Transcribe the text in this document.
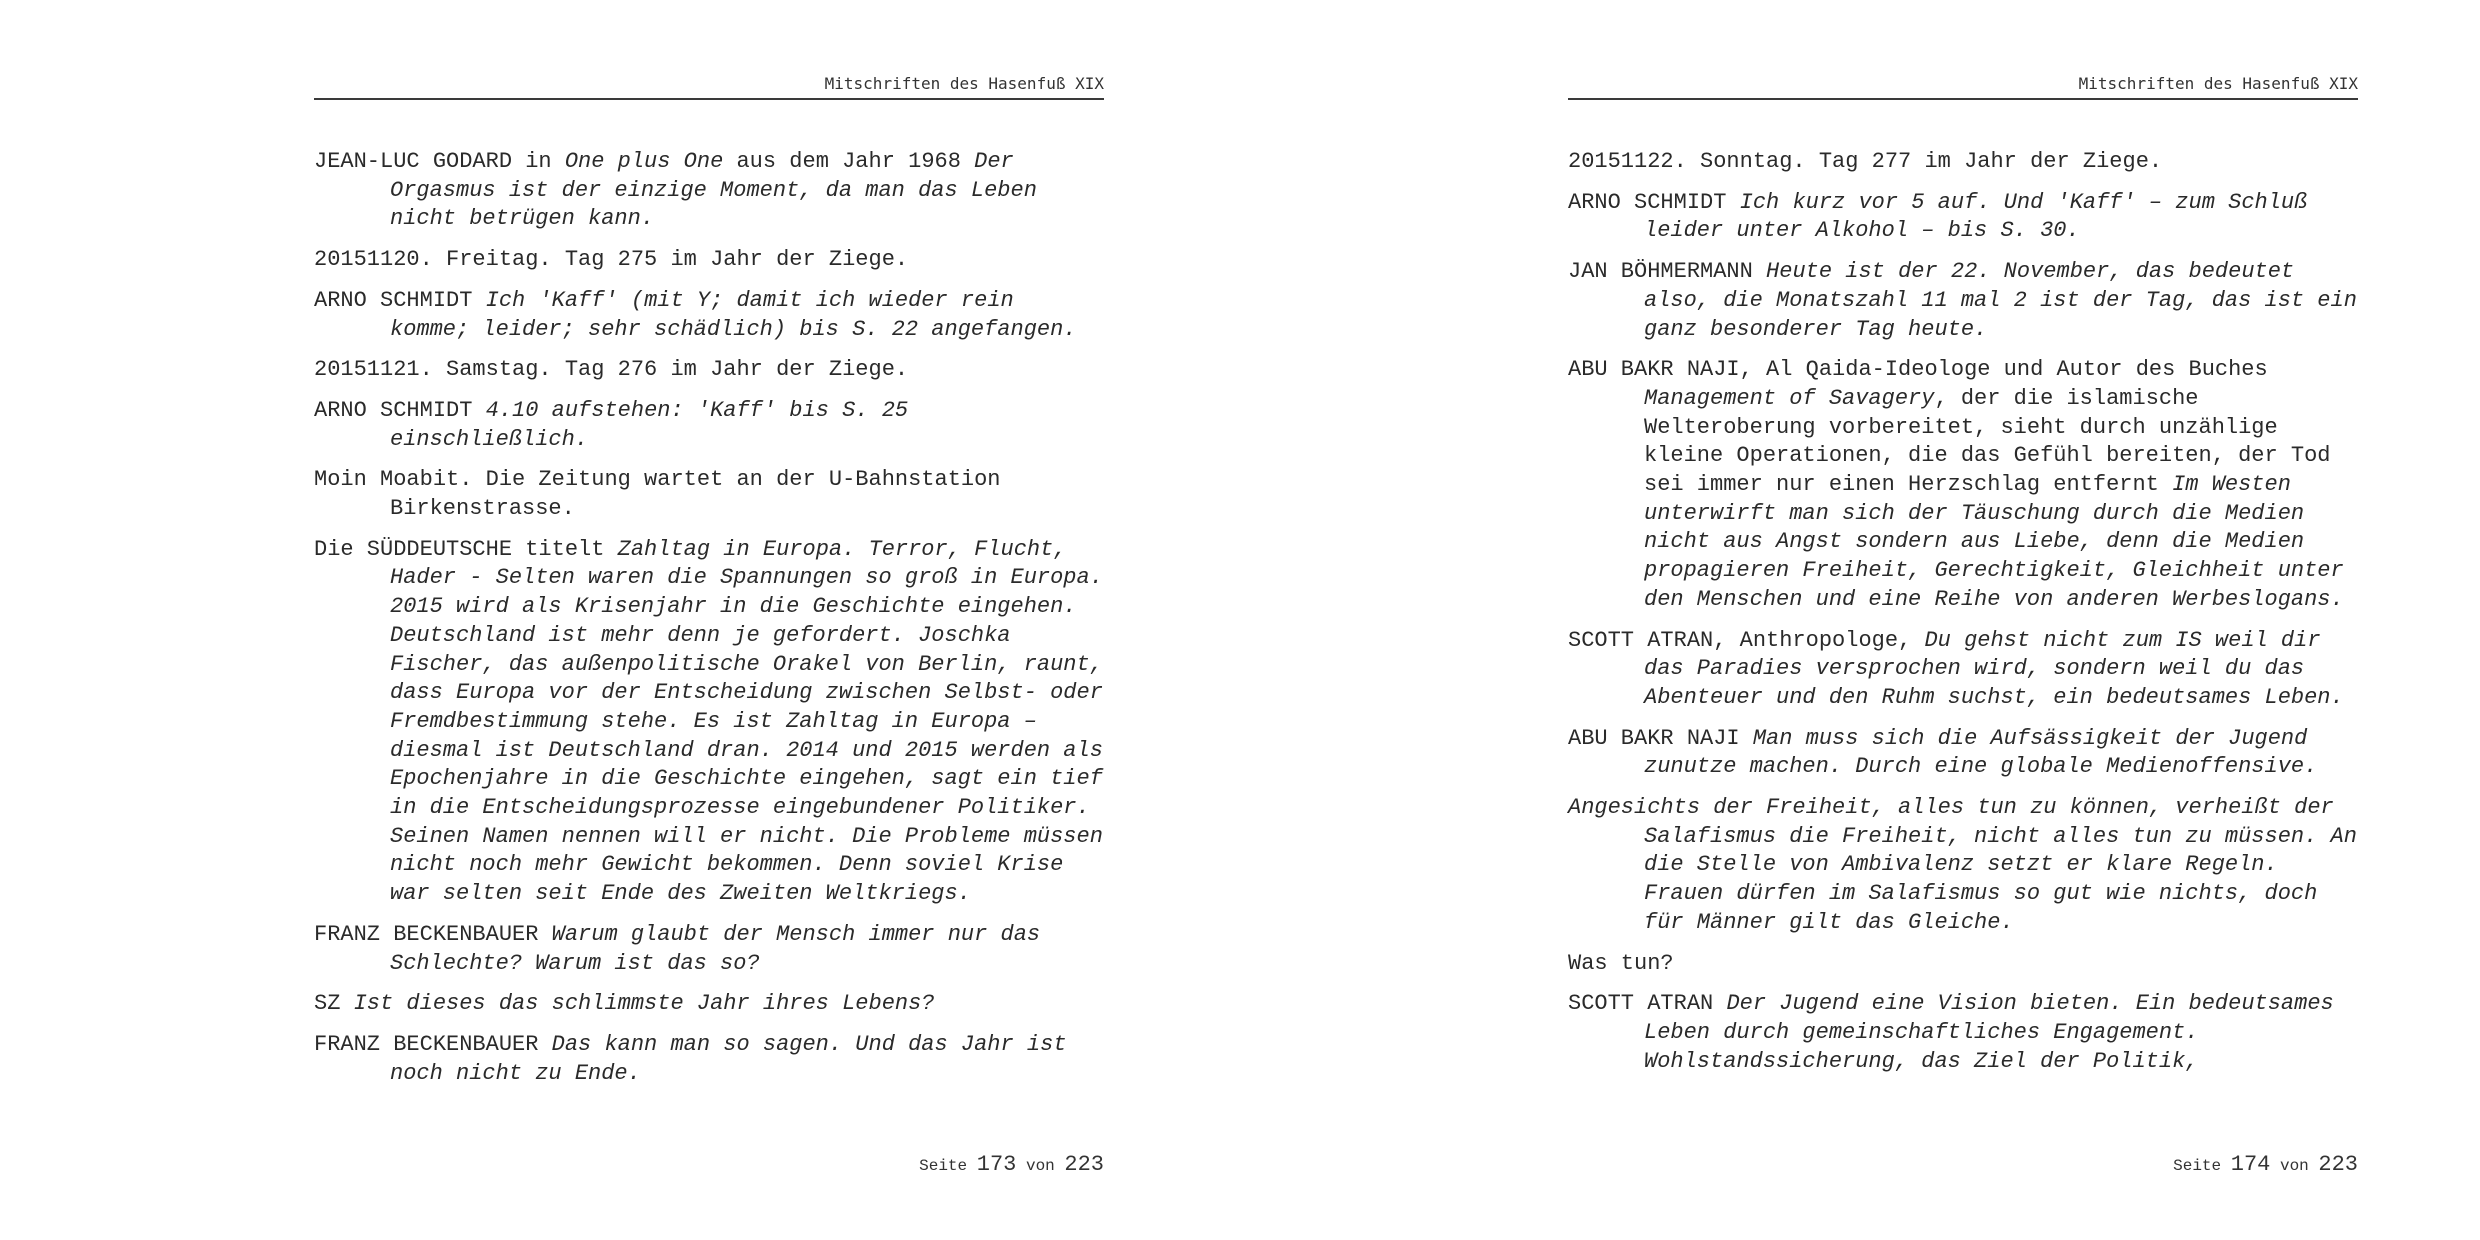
Mitschriften des Hasenfuß XIX

JEAN-LUC GODARD in One plus One aus dem Jahr 1968 Der Orgasmus ist der einzige Moment, da man das Leben nicht betrügen kann.

20151120. Freitag. Tag 275 im Jahr der Ziege.

ARNO SCHMIDT Ich 'Kaff' (mit Y; damit ich wieder rein komme; leider; sehr schädlich) bis S. 22 angefangen.

20151121. Samstag. Tag 276 im Jahr der Ziege.

ARNO SCHMIDT 4.10 aufstehen: 'Kaff' bis S. 25 einschließlich.

Moin Moabit. Die Zeitung wartet an der U-Bahnstation Birkenstrasse.

Die SÜDDEUTSCHE titelt Zahltag in Europa. Terror, Flucht, Hader - Selten waren die Spannungen so groß in Europa. 2015 wird als Krisenjahr in die Geschichte eingehen. Deutschland ist mehr denn je gefordert. Joschka Fischer, das außenpolitische Orakel von Berlin, raunt, dass Europa vor der Entscheidung zwischen Selbst- oder Fremdbestimmung stehe. Es ist Zahltag in Europa – diesmal ist Deutschland dran. 2014 und 2015 werden als Epochenjahre in die Geschichte eingehen, sagt ein tief in die Entscheidungsprozesse eingebundener Politiker. Seinen Namen nennen will er nicht. Die Probleme müssen nicht noch mehr Gewicht bekommen. Denn soviel Krise war selten seit Ende des Zweiten Weltkriegs.

FRANZ BECKENBAUER Warum glaubt der Mensch immer nur das Schlechte? Warum ist das so?

SZ Ist dieses das schlimmste Jahr ihres Lebens?

FRANZ BECKENBAUER Das kann man so sagen. Und das Jahr ist noch nicht zu Ende.

Seite 173 von 223
Mitschriften des Hasenfuß XIX

20151122. Sonntag. Tag 277 im Jahr der Ziege.

ARNO SCHMIDT Ich kurz vor 5 auf. Und 'Kaff' – zum Schluß leider unter Alkohol – bis S. 30.

JAN BÖHMERMANN Heute ist der 22. November, das bedeutet also, die Monatszahl 11 mal 2 ist der Tag, das ist ein ganz besonderer Tag heute.

ABU BAKR NAJI, Al Qaida-Ideologe und Autor des Buches Management of Savagery, der die islamische Welteroberung vorbereitet, sieht durch unzählige kleine Operationen, die das Gefühl bereiten, der Tod sei immer nur einen Herzschlag entfernt Im Westen unterwirft man sich der Täuschung durch die Medien nicht aus Angst sondern aus Liebe, denn die Medien propagieren Freiheit, Gerechtigkeit, Gleichheit unter den Menschen und eine Reihe von anderen Werbeslogans.

SCOTT ATRAN, Anthropologe, Du gehst nicht zum IS weil dir das Paradies versprochen wird, sondern weil du das Abenteuer und den Ruhm suchst, ein bedeutsames Leben.

ABU BAKR NAJI Man muss sich die Aufsässigkeit der Jugend zunutze machen. Durch eine globale Medienoffensive.

Angesichts der Freiheit, alles tun zu können, verheißt der Salafismus die Freiheit, nicht alles tun zu müssen. An die Stelle von Ambivalenz setzt er klare Regeln. Frauen dürfen im Salafismus so gut wie nichts, doch für Männer gilt das Gleiche.

Was tun?

SCOTT ATRAN Der Jugend eine Vision bieten. Ein bedeutsames Leben durch gemeinschaftliches Engagement. Wohlstandssicherung, das Ziel der Politik,

Seite 174 von 223
